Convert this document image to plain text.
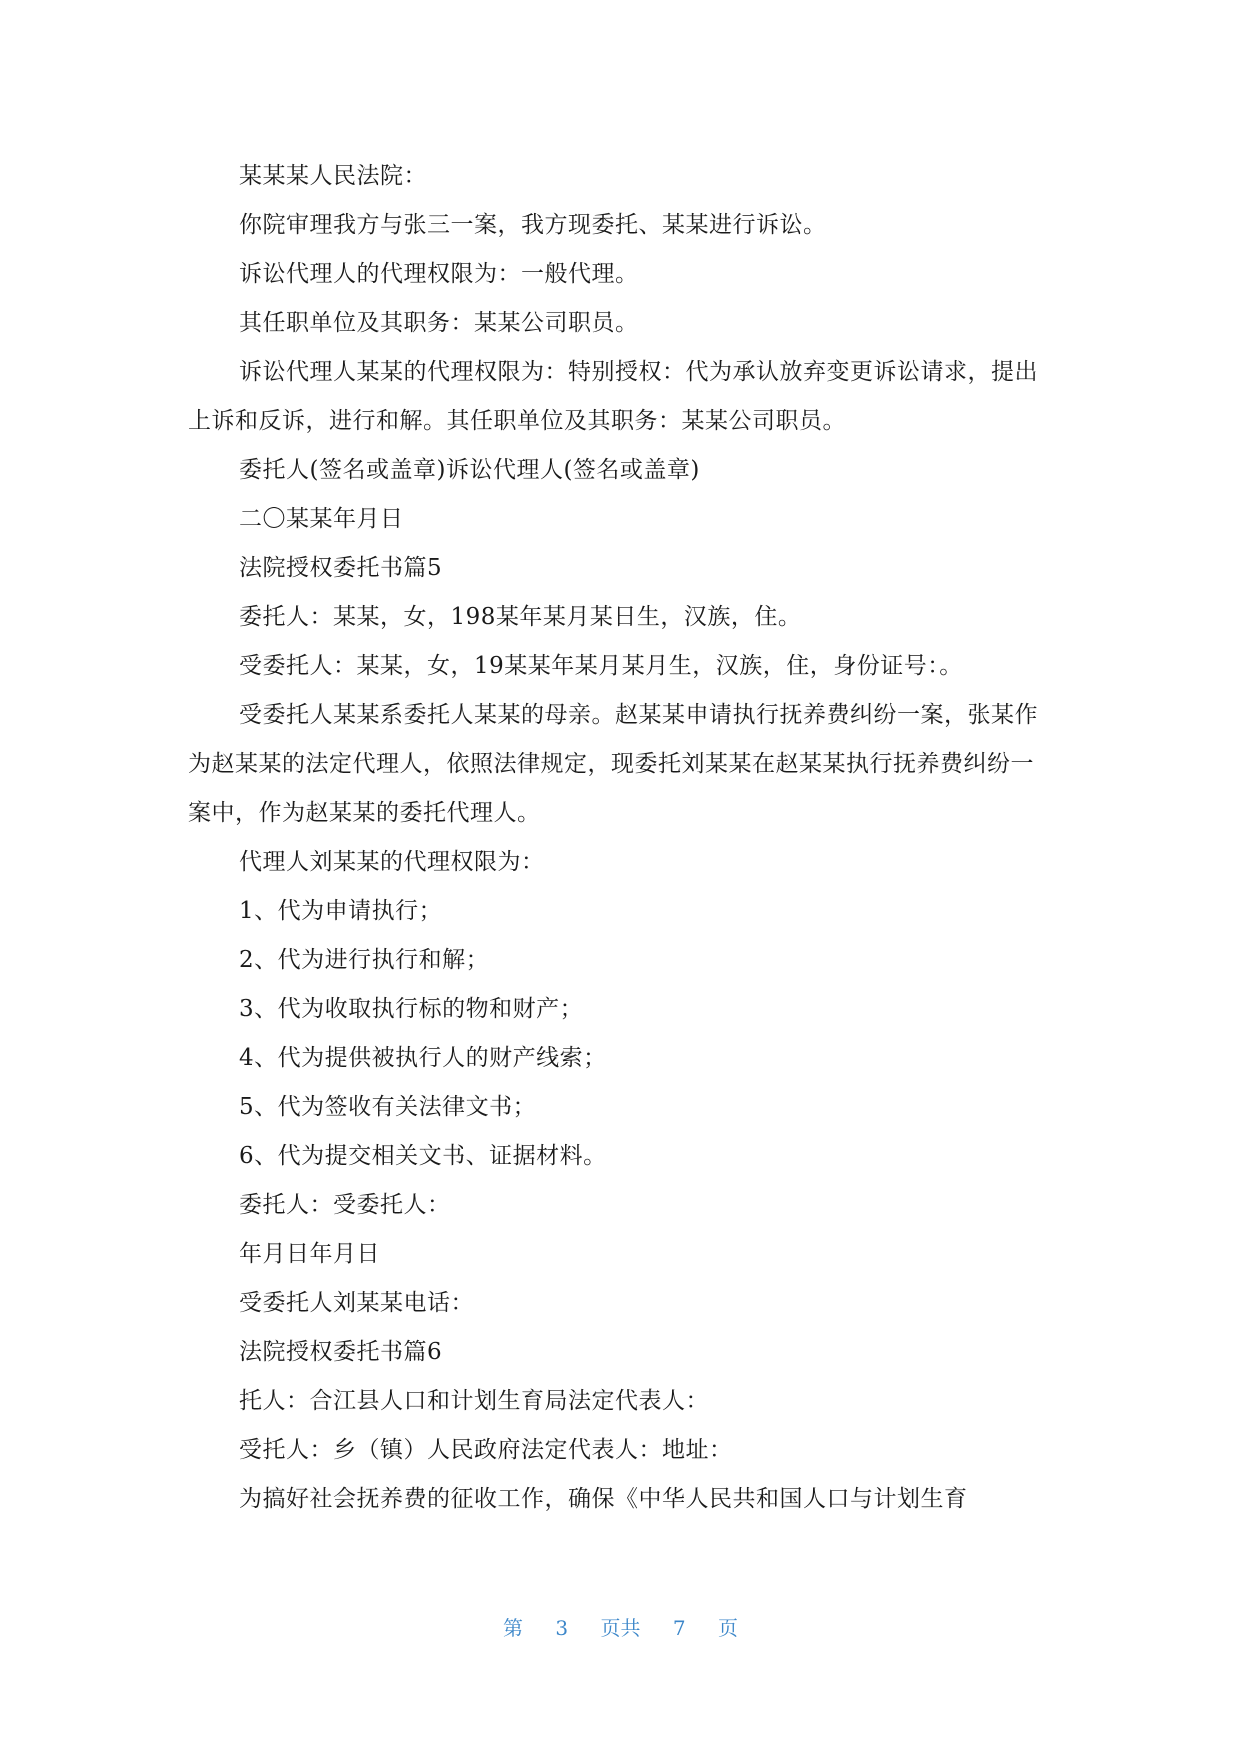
某某某人民法院：

你院审理我方与张三一案，我方现委托、某某进行诉讼。

诉讼代理人的代理权限为：一般代理。

其任职单位及其职务：某某公司职员。

诉讼代理人某某的代理权限为：特别授权：代为承认放弃变更诉讼请求，提出上诉和反诉，进行和解。其任职单位及其职务：某某公司职员。

委托人(签名或盖章)诉讼代理人(签名或盖章)

二〇某某年月日

法院授权委托书篇5

委托人：某某，女，198某年某月某日生，汉族，住。

受委托人：某某，女，19某某年某月某月生，汉族，住，身份证号：。

受委托人某某系委托人某某的母亲。赵某某申请执行抚养费纠纷一案，张某作为赵某某的法定代理人，依照法律规定，现委托刘某某在赵某某执行抚养费纠纷一案中，作为赵某某的委托代理人。

代理人刘某某的代理权限为：

1、代为申请执行；

2、代为进行执行和解；

3、代为收取执行标的物和财产；

4、代为提供被执行人的财产线索；

5、代为签收有关法律文书；

6、代为提交相关文书、证据材料。

委托人：受委托人：

年月日年月日

受委托人刘某某电话：

法院授权委托书篇6

托人：合江县人口和计划生育局法定代表人：

受托人：乡（镇）人民政府法定代表人：地址：

为搞好社会抚养费的征收工作，确保《中华人民共和国人口与计划生育

第 3 页共 7 页
